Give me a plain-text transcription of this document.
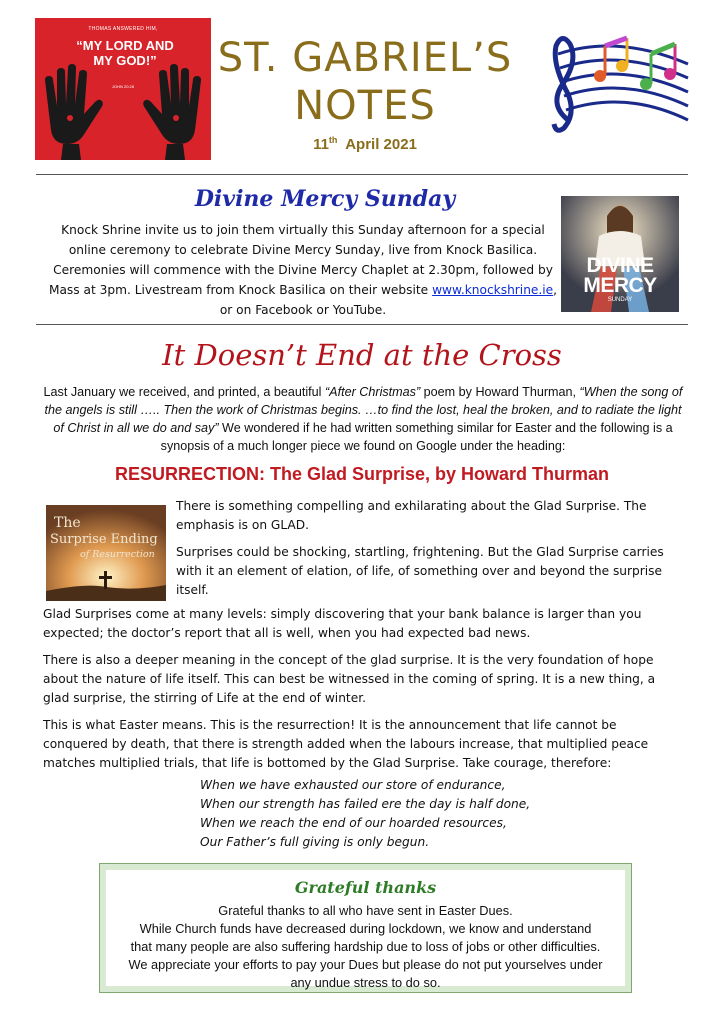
THOMAS ANSWERED HIM,
“MY LORD AND MY GOD!”
JOHN 20:28
ST. GABRIEL’S
NOTES
11th April 2021
Divine Mercy Sunday
Knock Shrine invite us to join them virtually this Sunday afternoon for a special online ceremony to celebrate Divine Mercy Sunday, live from Knock Basilica. Ceremonies will commence with the Divine Mercy Chaplet at 2.30pm, followed by Mass at 3pm. Livestream from Knock Basilica on their website www.knockshrine.ie, or on Facebook or YouTube.
DIVINE
MERCY
SUNDAY
It Doesn’t End at the Cross
Last January we received, and printed, a beautiful “After Christmas” poem by Howard Thurman, “When the song of the angels is still ….. Then the work of Christmas begins. …to find the lost, heal the broken, and to radiate the light of Christ in all we do and say” We wondered if he had written something similar for Easter and the following is a synopsis of a much longer piece we found on Google under the heading:
RESURRECTION: The Glad Surprise, by Howard Thurman
The
Surprise Ending
of Resurrection

There is something compelling and exhilarating about the Glad Surprise. The emphasis is on GLAD.

Surprises could be shocking, startling, frightening. But the Glad Surprise carries with it an element of elation, of life, of something over and beyond the surprise itself.

Glad Surprises come at many levels: simply discovering that your bank balance is larger than you expected; the doctor’s report that all is well, when you had expected bad news.

There is also a deeper meaning in the concept of the glad surprise. It is the very foundation of hope about the nature of life itself. This can best be witnessed in the coming of spring. It is a new thing, a glad surprise, the stirring of Life at the end of winter.

This is what Easter means. This is the resurrection! It is the announcement that life cannot be conquered by death, that there is strength added when the labours increase, that multiplied peace matches multiplied trials, that life is bottomed by the Glad Surprise. Take courage, therefore:

When we have exhausted our store of endurance,
When our strength has failed ere the day is half done,
When we reach the end of our hoarded resources,
Our Father’s full giving is only begun.
Grateful thanks
Grateful thanks to all who have sent in Easter Dues.
While Church funds have decreased during lockdown, we know and understand
that many people are also suffering hardship due to loss of jobs or other difficulties.
We appreciate your efforts to pay your Dues but please do not put yourselves under
any undue stress to do so.
